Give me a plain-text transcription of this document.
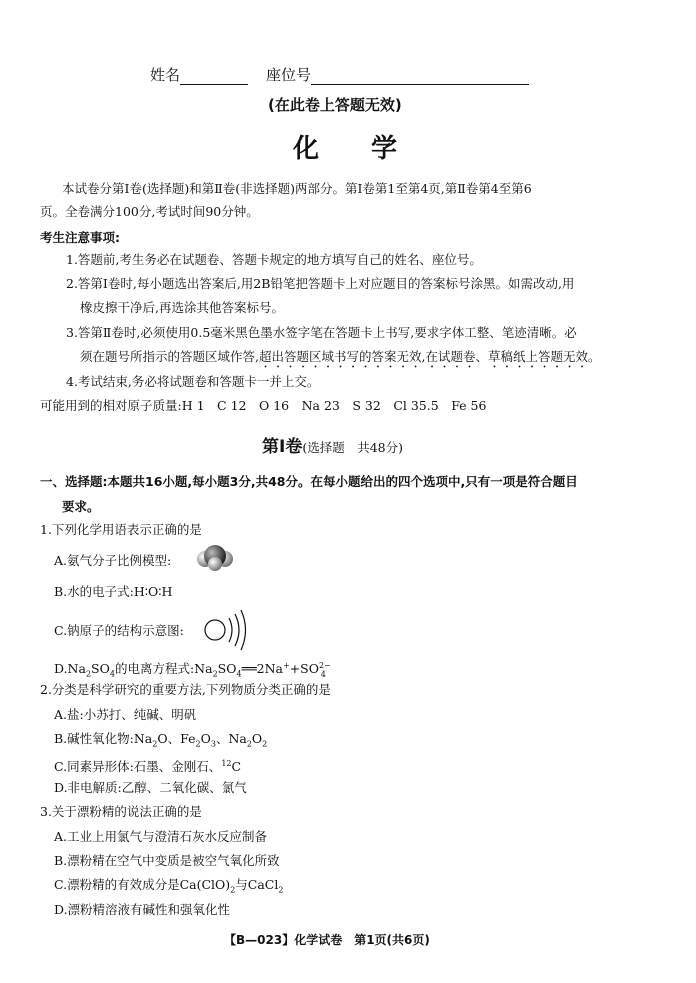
姓名	座位号
(在此卷上答题无效)
化　　学
本试卷分第Ⅰ卷(选择题)和第Ⅱ卷(非选择题)两部分。第Ⅰ卷第1至第4页,第Ⅱ卷第4至第6
页。全卷满分100分,考试时间90分钟。
考生注意事项:
1.答题前,考生务必在试题卷、答题卡规定的地方填写自己的姓名、座位号。
2.答第Ⅰ卷时,每小题选出答案后,用2B铅笔把答题卡上对应题目的答案标号涂黑。如需改动,用
橡皮擦干净后,再选涂其他答案标号。
3.答第Ⅱ卷时,必须使用0.5毫米黑色墨水签字笔在答题卡上书写,要求字体工整、笔迹清晰。必
须在题号所指示的答题区域作答,超出答题区域书写的答案无效,在试题卷、草稿纸上答题无效。
4.考试结束,务必将试题卷和答题卡一并上交。
可能用到的相对原子质量:H 1　C 12　O 16　Na 23　S 32　Cl 35.5　Fe 56
第Ⅰ卷(选择题　共48分)
一、选择题:本题共16小题,每小题3分,共48分。在每小题给出的四个选项中,只有一项是符合题目
要求。
1.下列化学用语表示正确的是
A.氨气分子比例模型:
B.水的电子式:H∶O∶H
C.钠原子的结构示意图:
$D.Na_2SO_4$的电离方程式$:Na_2SO_4══2Na^++SO^{2-}_4$
2.分类是科学研究的重要方法,下列物质分类正确的是
A.盐:小苏打、纯碱、明矾
B.碱性氧化物$:Na_2O$、$Fe_2O_3$、$Na_2O_2$
C.同素异形体:石墨、金刚石、$^{12}$C
D.非电解质:乙醇、二氧化碳、氯气
3.关于漂粉精的说法正确的是
A.工业上用氯气与澄清石灰水反应制备
B.漂粉精在空气中变质是被空气氧化所致
C.漂粉精的有效成分是$Ca(ClO)_2$与CaCl$_2$
D.漂粉精溶液有碱性和强氧化性
【B—023】化学试卷　第1页(共6页)
